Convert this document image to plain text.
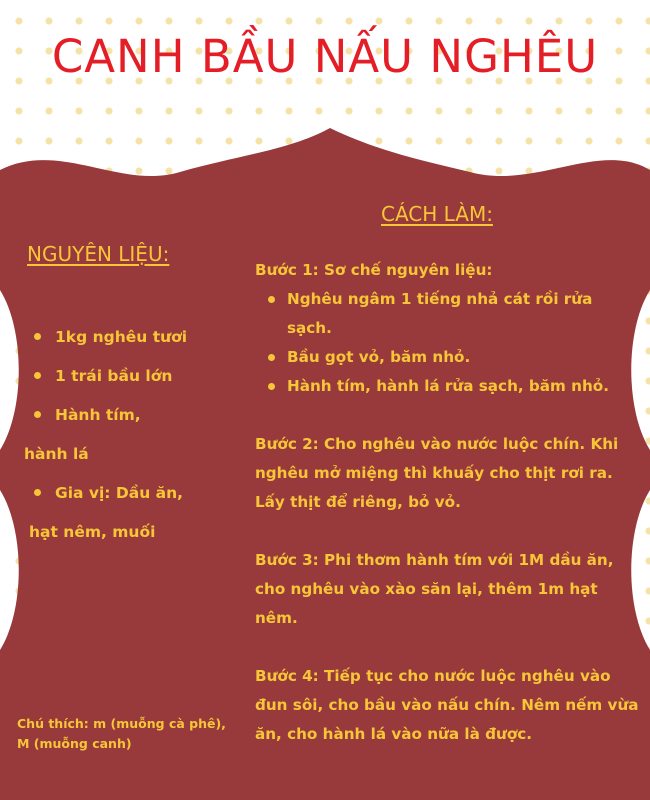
CANH BẦU NẤU NGHÊU
NGUYÊN LIỆU:
1kg nghêu tươi
1 trái bầu lớn
Hành tím,
hành lá
Gia vị: Dầu ăn,
hạt nêm, muối
Chú thích: m (muỗng cà phê), M (muỗng canh)
CÁCH LÀM:

Bước 1: Sơ chế nguyên liệu:

Nghêu ngâm 1 tiếng nhả cát rồi rửa sạch.
Bầu gọt vỏ, băm nhỏ.
Hành tím, hành lá rửa sạch, băm nhỏ.

Bước 2: Cho nghêu vào nước luộc chín. Khi nghêu mở miệng thì khuấy cho thịt rơi ra. Lấy thịt để riêng, bỏ vỏ.

Bước 3: Phi thơm hành tím với 1M dầu ăn, cho nghêu vào xào săn lại, thêm 1m hạt nêm.

Bước 4: Tiếp tục cho nước luộc nghêu vào đun sôi, cho bầu vào nấu chín. Nêm nếm vừa ăn, cho hành lá vào nữa là được.
